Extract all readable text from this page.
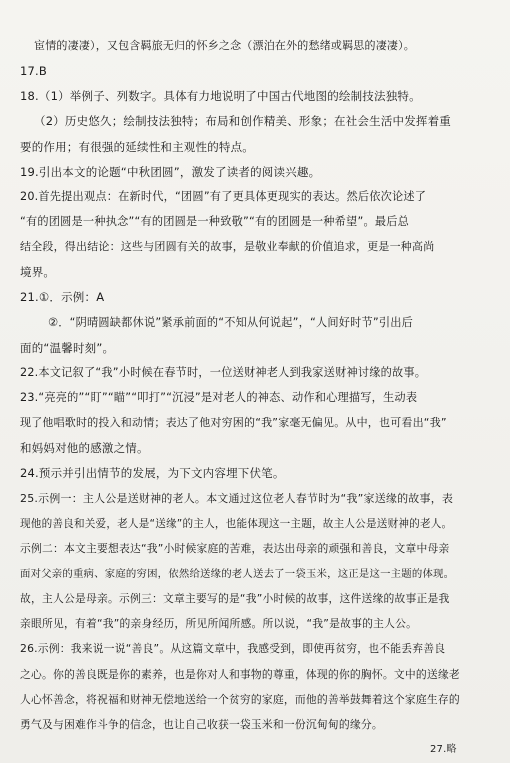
宦情的凄凄），又包含羁旅无归的怀乡之念（漂泊在外的愁绪或羁思的凄凄）。
17.B
18.（1）举例子、列数字。具体有力地说明了中国古代地图的绘制技法独特。
（2）历史悠久；绘制技法独特；布局和创作精美、形象；在社会生活中发挥着重
要的作用；有很强的延续性和主观性的特点。
19.引出本文的论题“中秋团圆”，激发了读者的阅读兴趣。
20.首先提出观点：在新时代，“团圆”有了更具体更现实的表达。然后依次论述了
“有的团圆是一种执念”“有的团圆是一种致敬”“有的团圆是一种希望”。最后总
结全段，得出结论：这些与团圆有关的故事，是敬业奉献的价值追求，更是一种高尚
境界。
21.①．示例：A
②．“阴晴圆缺都休说”紧承前面的“不知从何说起”，“人间好时节”引出后
面的“温馨时刻”。
22.本文记叙了“我”小时候在春节时，一位送财神老人到我家送财神讨缘的故事。
23.“亮亮的”“盯”“瞄”“叩打”“沉浸”是对老人的神态、动作和心理描写，生动表
现了他唱歌时的投入和动情；表达了他对穷困的“我”家毫无偏见。从中，也可看出“我”
和妈妈对他的感激之情。
24.预示并引出情节的发展，为下文内容埋下伏笔。
25.示例一：主人公是送财神的老人。本文通过这位老人春节时为“我”家送缘的故事，表
现他的善良和关爱，老人是“送缘”的主人，也能体现这一主题，故主人公是送财神的老人。
示例二：本文主要想表达“我”小时候家庭的苦难，表达出母亲的顽强和善良，文章中母亲
面对父亲的重病、家庭的穷困，依然给送缘的老人送去了一袋玉米，这正是这一主题的体现。
故，主人公是母亲。示例三：文章主要写的是“我”小时候的故事，这件送缘的故事正是我
亲眼所见，有着“我”的亲身经历，所见所闻所感。所以说，“我”是故事的主人公。
26.示例：我来说一说“善良”。从这篇文章中，我感受到，即使再贫穷，也不能丢弃善良
之心。你的善良既是你的素养，也是你对人和事物的尊重，体现的你的胸怀。文中的送缘老
人心怀善念，将祝福和财神无偿地送给一个贫穷的家庭，而他的善举鼓舞着这个家庭生存的
勇气及与困难作斗争的信念，也让自己收获一袋玉米和一份沉甸甸的缘分。
27.略
